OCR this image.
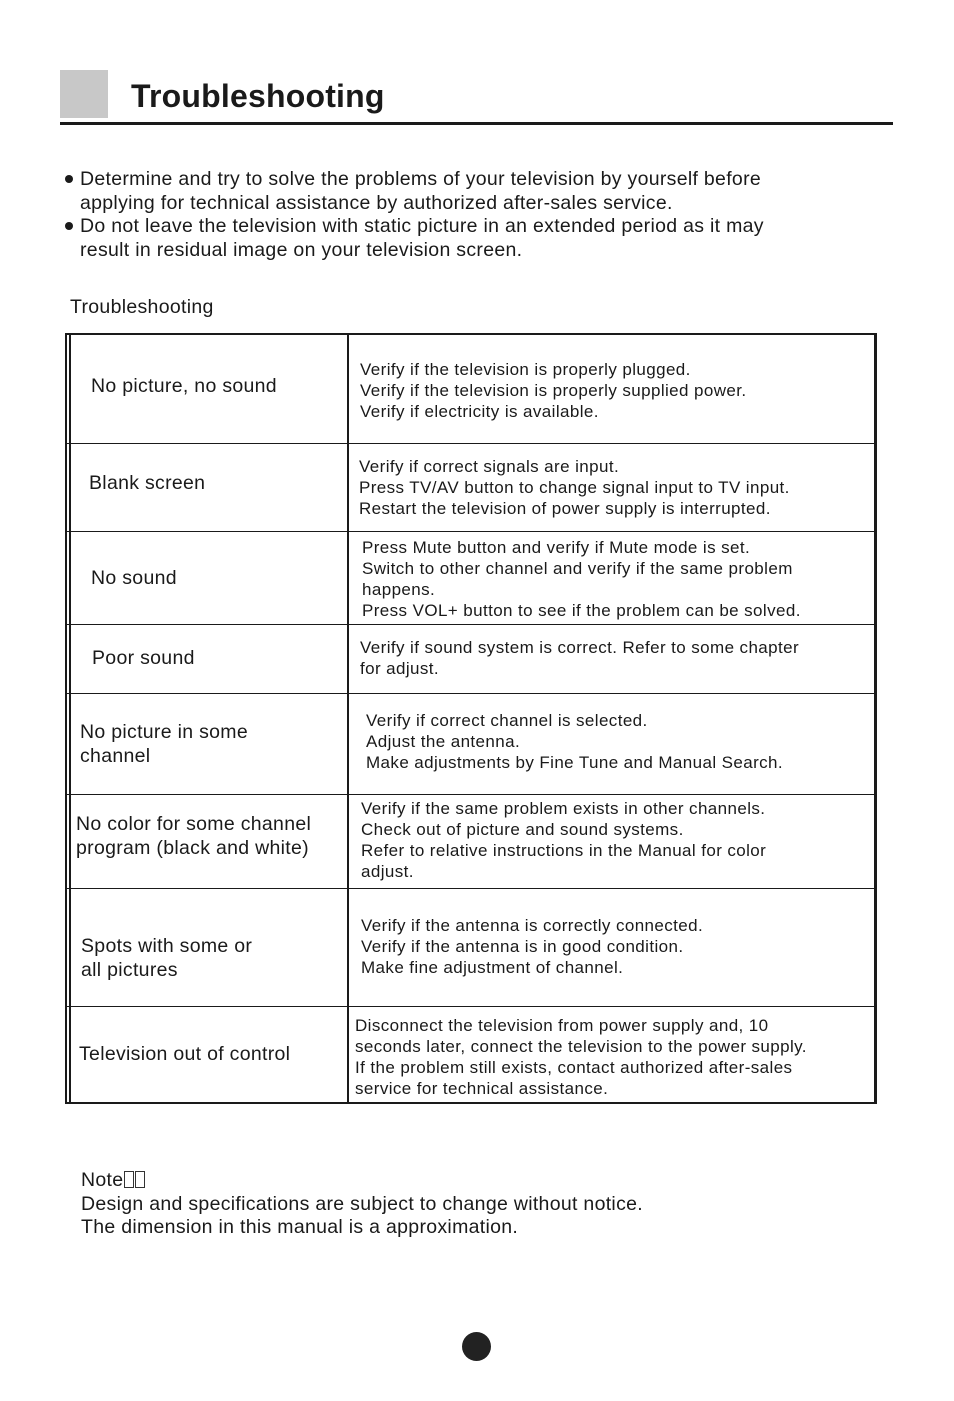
Troubleshooting
Determine and try to solve the problems of your television by yourself before
applying for technical assistance by authorized after-sales service.
Do not leave the television with static picture in an extended period as it may
result in residual image on your television screen.
Troubleshooting
No picture, no sound
Verify if the television is properly plugged.
Verify if the television is properly supplied power.
Verify if electricity is available.
Blank screen
Verify if correct signals are input.
Press TV/AV button to change signal input to TV input.
Restart the television of power supply is interrupted.
No sound
Press Mute button and verify if Mute mode is set.
Switch to other channel and verify if the same problem
happens.
Press VOL+ button to see if the problem can be solved.
Poor sound	Verify if sound system is correct. Refer to some chapter
for adjust.
No picture in some
channel
Verify if correct channel is selected.
Adjust the antenna.
Make adjustments by Fine Tune and Manual Search.
No color for some channel
program (black and white)
Verify if the same problem exists in other channels.
Check out of picture and sound systems.
Refer to relative instructions in the Manual for color
adjust.
Spots with some or
all pictures
Verify if the antenna is correctly connected.
Verify if the antenna is in good condition.
Make fine adjustment of channel.
Television out of control
Disconnect the television from power supply and, 10
seconds later, connect the television to the power supply.
If the problem still exists, contact authorized after-sales
service for technical assistance.
Note
Design and specifications are subject to change without notice.
The dimension in this manual is a approximation.
